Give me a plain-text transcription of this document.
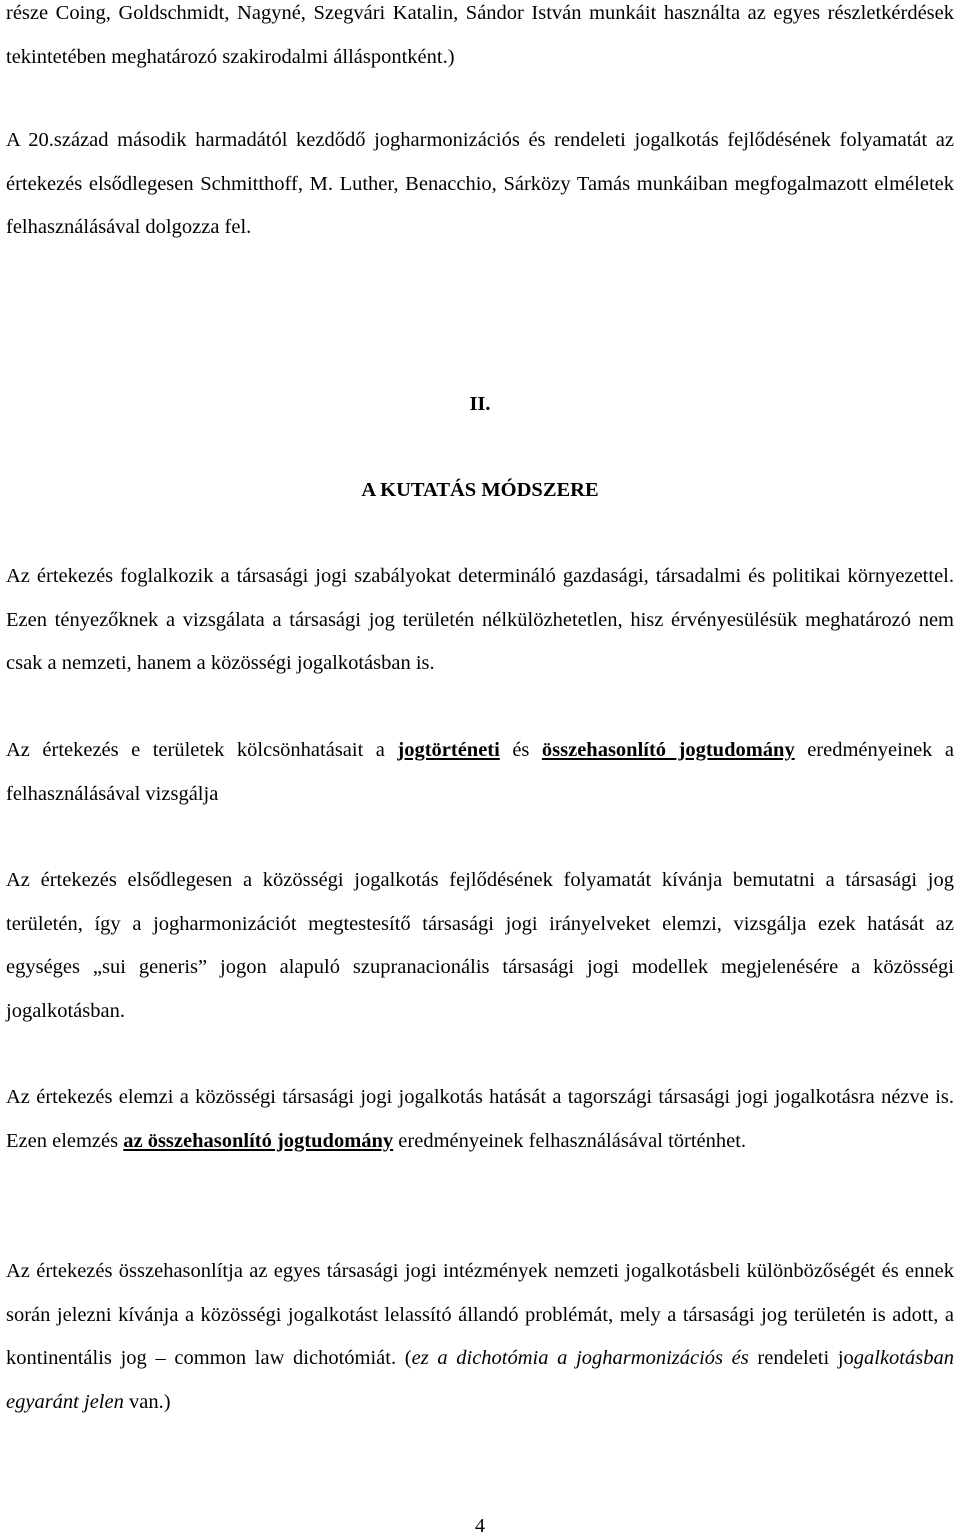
része Coing, Goldschmidt, Nagyné, Szegvári Katalin, Sándor István munkáit használta az egyes részletkérdések tekintetében meghatározó szakirodalmi álláspontként.)

A 20.század második harmadától kezdődő jogharmonizációs és rendeleti jogalkotás fejlődésének folyamatát az értekezés elsődlegesen Schmitthoff, M. Luther, Benacchio, Sárközy Tamás munkáiban megfogalmazott elméletek felhasználásával dolgozza fel.

II.
A KUTATÁS MÓDSZERE

Az értekezés foglalkozik a társasági jogi szabályokat determináló gazdasági, társadalmi és politikai környezettel. Ezen tényezőknek a vizsgálata a társasági jog területén nélkülözhetetlen, hisz érvényesülésük meghatározó nem csak a nemzeti, hanem a közösségi jogalkotásban is.

Az értekezés e területek kölcsönhatásait a jogtörténeti és összehasonlító jogtudomány eredményeinek a felhasználásával vizsgálja

Az értekezés elsődlegesen a közösségi jogalkotás fejlődésének folyamatát kívánja bemutatni a társasági jog területén, így a jogharmonizációt megtestesítő társasági jogi irányelveket elemzi, vizsgálja ezek hatását az egységes „sui generis” jogon alapuló szupranacionális társasági jogi modellek megjelenésére a közösségi jogalkotásban.

Az értekezés elemzi a közösségi társasági jogi jogalkotás hatását a tagországi társasági jogi jogalkotásra nézve is. Ezen elemzés az összehasonlító jogtudomány eredményeinek felhasználásával történhet.

Az értekezés összehasonlítja az egyes társasági jogi intézmények nemzeti jogalkotásbeli különbözőségét és ennek során jelezni kívánja a közösségi jogalkotást lelassító állandó problémát, mely a társasági jog területén is adott, a kontinentális jog – common law dichotómiát. (ez a dichotómia a jogharmonizációs és rendeleti jogalkotásban egyaránt jelen van.)

4
